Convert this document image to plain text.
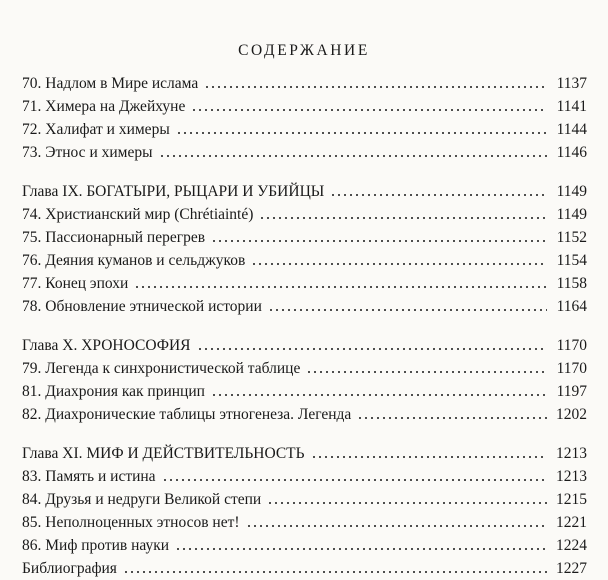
СОДЕРЖАНИЕ
70. Надлом в Мире ислама	1137
71. Химера на Джейхуне	1141
72. Халифат и химеры	1144
73. Этнос и химеры	1146
Глава IX. БОГАТЫРИ, РЫЦАРИ И УБИЙЦЫ	1149
74. Христианский мир (Chrétiainté)	1149
75. Пассионарный перегрев	1152
76. Деяния куманов и сельджуков	1154
77. Конец эпохи	1158
78. Обновление этнической истории	1164
Глава X. ХРОНОСОФИЯ	1170
79. Легенда к синхронистической таблице	1170
81. Диахрония как принцип	1197
82. Диахронические таблицы этногенеза. Легенда	1202
Глава XI. МИФ И ДЕЙСТВИТЕЛЬНОСТЬ	1213
83. Память и истина	1213
84. Друзья и недруги Великой степи	1215
85. Неполноценных этносов нет!	1221
86. Миф против науки	1224
Библиография	1227
